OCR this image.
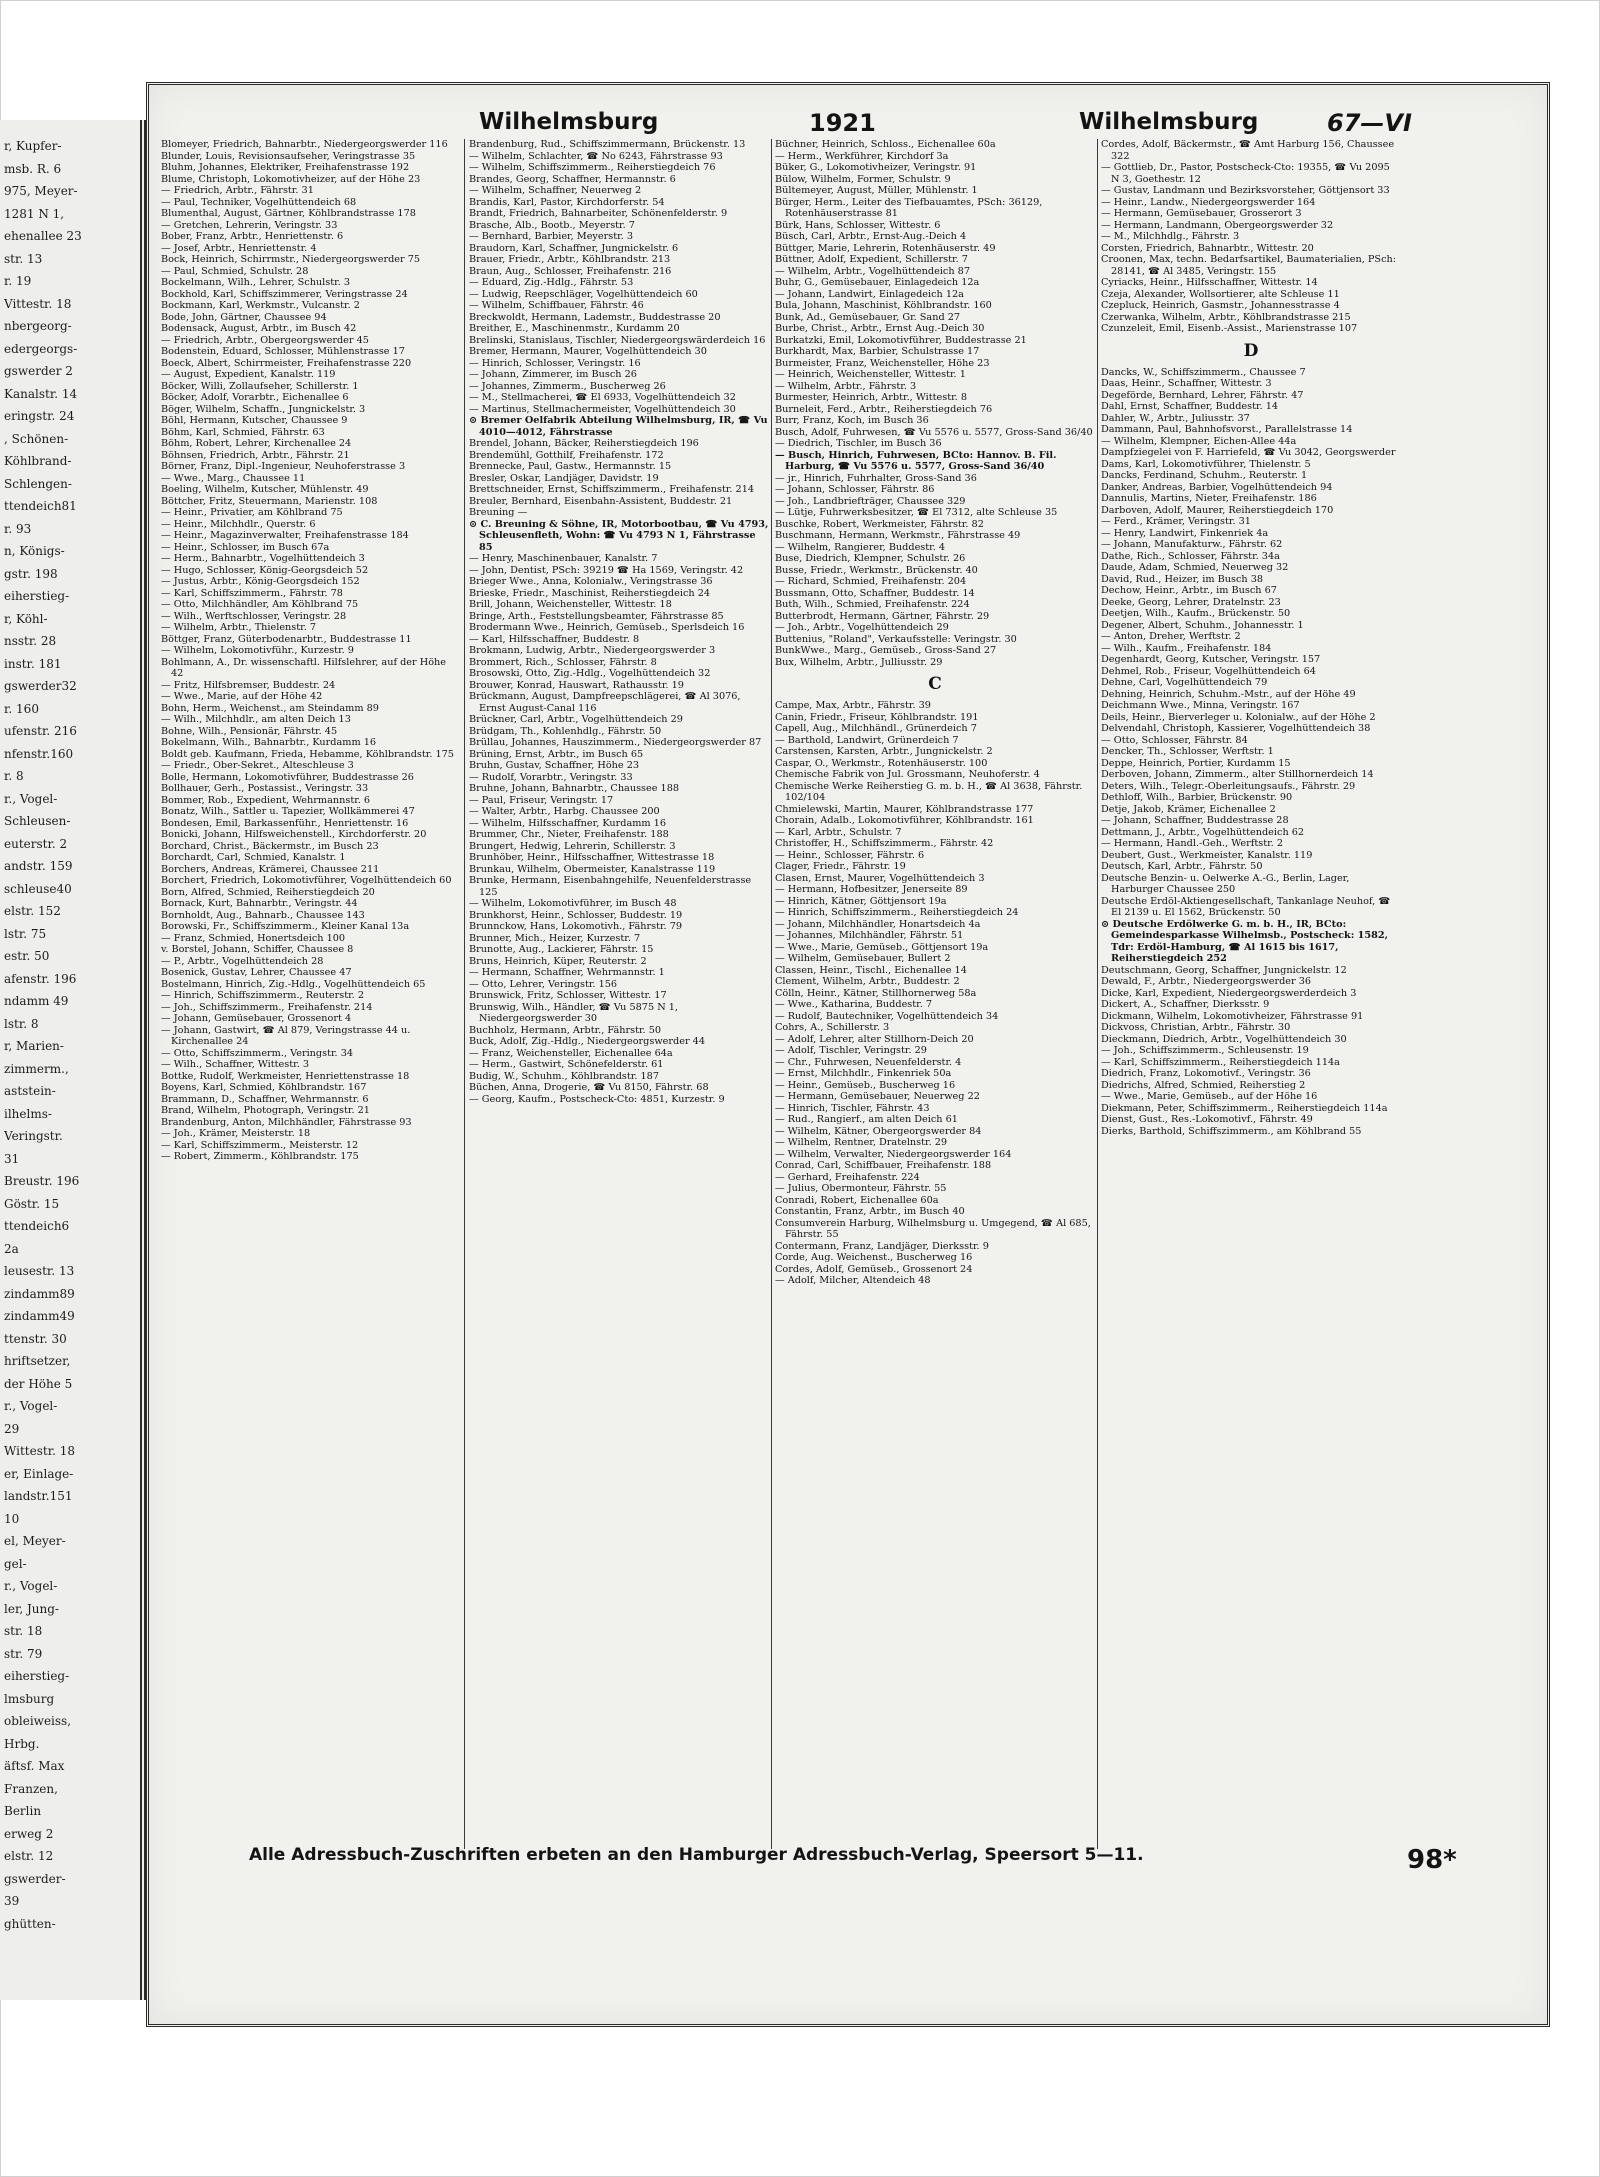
r, Kupfer-
msb. R. 6
975, Meyer-
1281 N 1,
ehenallee 23
str. 13
r. 19
Vittestr. 18
nbergeorg-
edergeorgs-
gswerder 2
Kanalstr. 14
eringstr. 24
, Schönen-
Köhlbrand-
Schlengen-
ttendeich81
r. 93
n, Königs-
gstr. 198
eiherstieg-
r, Köhl-
nsstr. 28
instr. 181
gswerder32
r. 160
ufenstr. 216
nfenstr.160
r. 8
r., Vogel-
Schleusen-
euterstr. 2
andstr. 159
schleuse40
elstr. 152
lstr. 75
estr. 50
afenstr. 196
ndamm 49
lstr. 8
r, Marien-
zimmerm.,
aststein-
ilhelms-
Veringstr.
31
Breustr. 196
Göstr. 15
ttendeich6
2a
leusestr. 13
zindamm89
zindamm49
ttenstr. 30
hriftsetzer,
der Höhe 5
r., Vogel-
29
Wittestr. 18
er, Einlage-
landstr.151
10
el, Meyer-
gel-
r., Vogel-
ler, Jung-
str. 18
str. 79
eiherstieg-
lmsburg
obleiweiss,
Hrbg.
äftsf. Max
Franzen,
Berlin
erweg 2
elstr. 12
gswerder-
39
ghütten-
Wilhelmsburg	1921	Wilhelmsburg	67—VI

Blomeyer, Friedrich, Bahnarbtr., Niedergeorgswerder 116

Blunder, Louis, Revisionsaufseher, Veringstrasse 35

Bluhm, Johannes, Elektriker, Freihafenstrasse 192

Blume, Christoph, Lokomotivheizer, auf der Höhe 23

— Friedrich, Arbtr., Fährstr. 31

— Paul, Techniker, Vogelhüttendeich 68

Blumenthal, August, Gärtner, Köhlbrandstrasse 178

— Gretchen, Lehrerin, Veringstr. 33

Bober, Franz, Arbtr., Henriettenstr. 6

— Josef, Arbtr., Henriettenstr. 4

Bock, Heinrich, Schirrmstr., Niedergeorgswerder 75

— Paul, Schmied, Schulstr. 28

Bockelmann, Wilh., Lehrer, Schulstr. 3

Bockhold, Karl, Schiffszimmerer, Veringstrasse 24

Bockmann, Karl, Werkmstr., Vulcanstr. 2

Bode, John, Gärtner, Chaussee 94

Bodensack, August, Arbtr., im Busch 42

— Friedrich, Arbtr., Obergeorgswerder 45

Bodenstein, Eduard, Schlosser, Mühlenstrasse 17

Boeck, Albert, Schirrmeister, Freihafenstrasse 220

— August, Expedient, Kanalstr. 119

Böcker, Willi, Zollaufseher, Schillerstr. 1

Böcker, Adolf, Vorarbtr., Eichenallee 6

Böger, Wilhelm, Schaffn., Jungnickelstr. 3

Böhl, Hermann, Kutscher, Chaussee 9

Böhm, Karl, Schmied, Fährstr. 63

Böhm, Robert, Lehrer, Kirchenallee 24

Böhnsen, Friedrich, Arbtr., Fährstr. 21

Börner, Franz, Dipl.-Ingenieur, Neuhoferstrasse 3

— Wwe., Marg., Chaussee 11

Boeling, Wilhelm, Kutscher, Mühlenstr. 49

Böttcher, Fritz, Steuermann, Marienstr. 108

— Heinr., Privatier, am Köhlbrand 75

— Heinr., Milchhdlr., Querstr. 6

— Heinr., Magazinverwalter, Freihafenstrasse 184

— Heinr., Schlosser, im Busch 67a

— Herm., Bahnarbtr., Vogelhüttendeich 3

— Hugo, Schlosser, König-Georgsdeich 52

— Justus, Arbtr., König-Georgsdeich 152

— Karl, Schiffszimmerm., Fährstr. 78

— Otto, Milchhändler, Am Köhlbrand 75

— Wilh., Werftschlosser, Veringstr. 28

— Wilhelm, Arbtr., Thielenstr. 7

Böttger, Franz, Güterbodenarbtr., Buddestrasse 11

— Wilhelm, Lokomotivführ., Kurzestr. 9

Bohlmann, A., Dr. wissenschaftl. Hilfslehrer, auf der Höhe 42

— Fritz, Hilfsbremser, Buddestr. 24

— Wwe., Marie, auf der Höhe 42

Bohn, Herm., Weichenst., am Steindamm 89

— Wilh., Milchhdlr., am alten Deich 13

Bohne, Wilh., Pensionär, Fährstr. 45

Bokelmann, Wilh., Bahnarbtr., Kurdamm 16

Boldt geb. Kaufmann, Frieda, Hebamme, Köhlbrandstr. 175

— Friedr., Ober-Sekret., Alteschleuse 3

Bolle, Hermann, Lokomotivführer, Buddestrasse 26

Bollhauer, Gerh., Postassist., Veringstr. 33

Bommer, Rob., Expedient, Wehrmannstr. 6

Bonatz, Wilh., Sattler u. Tapezier, Wollkämmerei 47

Bondesen, Emil, Barkassenführ., Henriettenstr. 16

Bonicki, Johann, Hilfsweichenstell., Kirchdorferstr. 20

Borchard, Christ., Bäckermstr., im Busch 23

Borchardt, Carl, Schmied, Kanalstr. 1

Borchers, Andreas, Krämerei, Chaussee 211

Borchert, Friedrich, Lokomotivführer, Vogelhüttendeich 60

Born, Alfred, Schmied, Reiherstiegdeich 20

Bornack, Kurt, Bahnarbtr., Veringstr. 44

Bornholdt, Aug., Bahnarb., Chaussee 143

Borowski, Fr., Schiffszimmerm., Kleiner Kanal 13a

— Franz, Schmied, Honertsdeich 100

v. Borstel, Johann, Schiffer, Chaussee 8

— P., Arbtr., Vogelhüttendeich 28

Bosenick, Gustav, Lehrer, Chaussee 47

Bostelmann, Hinrich, Zig.-Hdlg., Vogelhüttendeich 65

— Hinrich, Schiffszimmerm., Reuterstr. 2

— Joh., Schiffszimmerm., Freihafenstr. 214

— Johann, Gemüsebauer, Grossenort 4

— Johann, Gastwirt, ☎ Al 879, Veringstrasse 44 u. Kirchenallee 24

— Otto, Schiffszimmerm., Veringstr. 34

— Wilh., Schaffner, Wittestr. 3

Bottke, Rudolf, Werkmeister, Henriettenstrasse 18

Boyens, Karl, Schmied, Köhlbrandstr. 167

Brammann, D., Schaffner, Wehrmannstr. 6

Brand, Wilhelm, Photograph, Veringstr. 21

Brandenburg, Anton, Milchhändler, Fährstrasse 93

— Joh., Krämer, Meisterstr. 18

— Karl, Schiffszimmerm., Meisterstr. 12

— Robert, Zimmerm., Köhlbrandstr. 175

Brandenburg, Rud., Schiffszimmermann, Brückenstr. 13

— Wilhelm, Schlachter, ☎ No 6243, Fährstrasse 93

— Wilhelm, Schiffszimmerm., Reiherstiegdeich 76

Brandes, Georg, Schaffner, Hermannstr. 6

— Wilhelm, Schaffner, Neuerweg 2

Brandis, Karl, Pastor, Kirchdorferstr. 54

Brandt, Friedrich, Bahnarbeiter, Schönenfelderstr. 9

Brasche, Alb., Bootb., Meyerstr. 7

— Bernhard, Barbier, Meyerstr. 3

Braudorn, Karl, Schaffner, Jungnickelstr. 6

Brauer, Friedr., Arbtr., Köhlbrandstr. 213

Braun, Aug., Schlosser, Freihafenstr. 216

— Eduard, Zig.-Hdlg., Fährstr. 53

— Ludwig, Reepschläger, Vogelhüttendeich 60

— Wilhelm, Schiffbauer, Fährstr. 46

Breckwoldt, Hermann, Lademstr., Buddestrasse 20

Breither, E., Maschinenmstr., Kurdamm 20

Brelinski, Stanislaus, Tischler, Niedergeorgswärderdeich 16

Bremer, Hermann, Maurer, Vogelhüttendeich 30

— Hinrich, Schlosser, Veringstr. 16

— Johann, Zimmerer, im Busch 26

— Johannes, Zimmerm., Buscherweg 26

— M., Stellmacherei, ☎ El 6933, Vogelhüttendeich 32

— Martinus, Stellmachermeister, Vogelhüttendeich 30

⊙ Bremer Oelfabrik Abteilung Wilhelmsburg, IR, ☎ Vu 4010—4012, Fährstrasse

Brendel, Johann, Bäcker, Reiherstiegdeich 196

Brendemühl, Gotthilf, Freihafenstr. 172

Brennecke, Paul, Gastw., Hermannstr. 15

Bresler, Oskar, Landjäger, Davidstr. 19

Brettschneider, Ernst, Schiffszimmerm., Freihafenstr. 214

Breuler, Bernhard, Eisenbahn-Assistent, Buddestr. 21

Breuning —

⊙ C. Breuning & Söhne, IR, Motorbootbau, ☎ Vu 4793, Schleusenfleth, Wohn: ☎ Vu 4793 N 1, Fährstrasse 85

— Henry, Maschinenbauer, Kanalstr. 7

— John, Dentist, PSch: 39219 ☎ Ha 1569, Veringstr. 42

Brieger Wwe., Anna, Kolonialw., Veringstrasse 36

Brieske, Friedr., Maschinist, Reiherstiegdeich 24

Brill, Johann, Weichensteller, Wittestr. 18

Bringe, Arth., Feststellungsbeamter, Fährstrasse 85

Brodermann Wwe., Heinrich, Gemüseb., Sperlsdeich 16

— Karl, Hilfsschaffner, Buddestr. 8

Brokmann, Ludwig, Arbtr., Niedergeorgswerder 3

Brommert, Rich., Schlosser, Fährstr. 8

Brosowski, Otto, Zig.-Hdlg., Vogelhüttendeich 32

Brouwer, Konrad, Hauswart, Rathausstr. 19

Brückmann, August, Dampfreepschlägerei, ☎ Al 3076, Ernst August-Canal 116

Brückner, Carl, Arbtr., Vogelhüttendeich 29

Brüdgam, Th., Kohlenhdlg., Fährstr. 50

Brüllau, Johannes, Hauszimmerm., Niedergeorgswerder 87

Brüning, Ernst, Arbtr., im Busch 65

Bruhn, Gustav, Schaffner, Höhe 23

— Rudolf, Vorarbtr., Veringstr. 33

Bruhne, Johann, Bahnarbtr., Chaussee 188

— Paul, Friseur, Veringstr. 17

— Walter, Arbtr., Harbg. Chaussee 200

— Wilhelm, Hilfsschaffner, Kurdamm 16

Brummer, Chr., Nieter, Freihafenstr. 188

Brungert, Hedwig, Lehrerin, Schillerstr. 3

Brunhöber, Heinr., Hilfsschaffner, Wittestrasse 18

Brunkau, Wilhelm, Obermeister, Kanalstrasse 119

Brunke, Hermann, Eisenbahngehilfe, Neuenfelderstrasse 125

— Wilhelm, Lokomotivführer, im Busch 48

Brunkhorst, Heinr., Schlosser, Buddestr. 19

Brunnckow, Hans, Lokomotivh., Fährstr. 79

Brunner, Mich., Heizer, Kurzestr. 7

Brunotte, Aug., Lackierer, Fährstr. 15

Bruns, Heinrich, Küper, Reuterstr. 2

— Hermann, Schaffner, Wehrmannstr. 1

— Otto, Lehrer, Veringstr. 156

Brunswick, Fritz, Schlosser, Wittestr. 17

Brunswig, Wilh., Händler, ☎ Vu 5875 N 1, Niedergeorgswerder 30

Buchholz, Hermann, Arbtr., Fährstr. 50

Buck, Adolf, Zig.-Hdlg., Niedergeorgswerder 44

— Franz, Weichensteller, Eichenallee 64a

— Herm., Gastwirt, Schönefelderstr. 61

Budig, W., Schuhm., Köhlbrandstr. 187

Büchen, Anna, Drogerie, ☎ Vu 8150, Fährstr. 68

— Georg, Kaufm., Postscheck-Cto: 4851, Kurzestr. 9

Büchner, Heinrich, Schloss., Eichenallee 60a

— Herm., Werkführer, Kirchdorf 3a

Büker, G., Lokomotivheizer, Veringstr. 91

Bülow, Wilhelm, Former, Schulstr. 9

Bültemeyer, August, Müller, Mühlenstr. 1

Bürger, Herm., Leiter des Tiefbauamtes, PSch: 36129, Rotenhäuserstrasse 81

Bürk, Hans, Schlosser, Wittestr. 6

Büsch, Carl, Arbtr., Ernst-Aug.-Deich 4

Büttger, Marie, Lehrerin, Rotenhäuserstr. 49

Büttner, Adolf, Expedient, Schillerstr. 7

— Wilhelm, Arbtr., Vogelhüttendeich 87

Buhr, G., Gemüsebauer, Einlagedeich 12a

— Johann, Landwirt, Einlagedeich 12a

Bula, Johann, Maschinist, Köhlbrandstr. 160

Bunk, Ad., Gemüsebauer, Gr. Sand 27

Burbe, Christ., Arbtr., Ernst Aug.-Deich 30

Burkatzki, Emil, Lokomotivführer, Buddestrasse 21

Burkhardt, Max, Barbier, Schulstrasse 17

Burmeister, Franz, Weichensteller, Höhe 23

— Heinrich, Weichensteller, Wittestr. 1

— Wilhelm, Arbtr., Fährstr. 3

Burmester, Heinrich, Arbtr., Wittestr. 8

Burneleit, Ferd., Arbtr., Reiherstiegdeich 76

Burr, Franz, Koch, im Busch 36

Busch, Adolf, Fuhrwesen, ☎ Vu 5576 u. 5577, Gross-Sand 36/40

— Diedrich, Tischler, im Busch 36

— Busch, Hinrich, Fuhrwesen, BCto: Hannov. B. Fil. Harburg, ☎ Vu 5576 u. 5577, Gross-Sand 36/40

— jr., Hinrich, Fuhrhalter, Gross-Sand 36

— Johann, Schlosser, Fährstr. 86

— Joh., Landbriefträger, Chaussee 329

— Lütje, Fuhrwerksbesitzer, ☎ El 7312, alte Schleuse 35

Buschke, Robert, Werkmeister, Fährstr. 82

Buschmann, Hermann, Werkmstr., Fährstrasse 49

— Wilhelm, Rangierer, Buddestr. 4

Buse, Diedrich, Klempner, Schulstr. 26

Busse, Friedr., Werkmstr., Brückenstr. 40

— Richard, Schmied, Freihafenstr. 204

Bussmann, Otto, Schaffner, Buddestr. 14

Buth, Wilh., Schmied, Freihafenstr. 224

Butterbrodt, Hermann, Gärtner, Fährstr. 29

— Joh., Arbtr., Vogelhüttendeich 29

Buttenius, "Roland", Verkaufsstelle: Veringstr. 30

BunkWwe., Marg., Gemüseb., Gross-Sand 27

Bux, Wilhelm, Arbtr., Julliusstr. 29

C

Campe, Max, Arbtr., Fährstr. 39

Canin, Friedr., Friseur, Köhlbrandstr. 191

Capell, Aug., Milchhändl., Grünerdeich 7

— Barthold, Landwirt, Grünerdeich 7

Carstensen, Karsten, Arbtr., Jungnickelstr. 2

Caspar, O., Werkmstr., Rotenhäuserstr. 100

Chemische Fabrik von Jul. Grossmann, Neuhoferstr. 4

Chemische Werke Reiherstieg G. m. b. H., ☎ Al 3638, Fährstr. 102/104

Chmielewski, Martin, Maurer, Köhlbrandstrasse 177

Chorain, Adalb., Lokomotivführer, Köhlbrandstr. 161

— Karl, Arbtr., Schulstr. 7

Christoffer, H., Schiffszimmerm., Fährstr. 42

— Heinr., Schlosser, Fährstr. 6

Clager, Friedr., Fährstr. 19

Clasen, Ernst, Maurer, Vogelhüttendeich 3

— Hermann, Hofbesitzer, Jenerseite 89

— Hinrich, Kätner, Göttjensort 19a

— Hinrich, Schiffszimmerm., Reiherstiegdeich 24

— Johann, Milchhändler, Honartsdeich 4a

— Johannes, Milchhändler, Fährstr. 51

— Wwe., Marie, Gemüseb., Göttjensort 19a

— Wilhelm, Gemüsebauer, Bullert 2

Classen, Heinr., Tischl., Eichenallee 14

Clement, Wilhelm, Arbtr., Buddestr. 2

Cölln, Heinr., Kätner, Stillhornerweg 58a

— Wwe., Katharina, Buddestr. 7

— Rudolf, Bautechniker, Vogelhüttendeich 34

Cohrs, A., Schillerstr. 3

— Adolf, Lehrer, alter Stillhorn-Deich 20

— Adolf, Tischler, Veringstr. 29

— Chr., Fuhrwesen, Neuenfelderstr. 4

— Ernst, Milchhdlr., Finkenriek 50a

— Heinr., Gemüseb., Buscherweg 16

— Hermann, Gemüsebauer, Neuerweg 22

— Hinrich, Tischler, Fährstr. 43

— Rud., Rangierf., am alten Deich 61

— Wilhelm, Kätner, Obergeorgswerder 84

— Wilhelm, Rentner, Dratelnstr. 29

— Wilhelm, Verwalter, Niedergeorgswerder 164

Conrad, Carl, Schiffbauer, Freihafenstr. 188

— Gerhard, Freihafenstr. 224

— Julius, Obermonteur, Fährstr. 55

Conradi, Robert, Eichenallee 60a

Constantin, Franz, Arbtr., im Busch 40

Consumverein Harburg, Wilhelmsburg u. Umgegend, ☎ Al 685, Fährstr. 55

Contermann, Franz, Landjäger, Dierksstr. 9

Corde, Aug. Weichenst., Buscherweg 16

Cordes, Adolf, Gemüseb., Grossenort 24

— Adolf, Milcher, Altendeich 48

Cordes, Adolf, Bäckermstr., ☎ Amt Harburg 156, Chaussee 322

— Gottlieb, Dr., Pastor, Postscheck-Cto: 19355, ☎ Vu 2095 N 3, Goethestr. 12

— Gustav, Landmann und Bezirksvorsteher, Göttjensort 33

— Heinr., Landw., Niedergeorgswerder 164

— Hermann, Gemüsebauer, Grosserort 3

— Hermann, Landmann, Obergeorgswerder 32

— M., Milchhdlg., Fährstr. 3

Corsten, Friedrich, Bahnarbtr., Wittestr. 20

Croonen, Max, techn. Bedarfsartikel, Baumaterialien, PSch: 28141, ☎ Al 3485, Veringstr. 155

Cyriacks, Heinr., Hilfsschaffner, Wittestr. 14

Czeja, Alexander, Wollsortierer, alte Schleuse 11

Czepluck, Heinrich, Gasmstr., Johannesstrasse 4

Czerwanka, Wilhelm, Arbtr., Köhlbrandstrasse 215

Czunzeleit, Emil, Eisenb.-Assist., Marienstrasse 107

D

Dancks, W., Schiffszimmerm., Chaussee 7

Daas, Heinr., Schaffner, Wittestr. 3

Degeförde, Bernhard, Lehrer, Fährstr. 47

Dahl, Ernst, Schaffner, Buddestr. 14

Dahler, W., Arbtr., Juliusstr. 37

Dammann, Paul, Bahnhofsvorst., Parallelstrasse 14

— Wilhelm, Klempner, Eichen-Allee 44a

Dampfziegelei von F. Harriefeld, ☎ Vu 3042, Georgswerder

Dams, Karl, Lokomotivführer, Thielenstr. 5

Dancks, Ferdinand, Schuhm., Reuterstr. 1

Danker, Andreas, Barbier, Vogelhüttendeich 94

Dannulis, Martins, Nieter, Freihafenstr. 186

Darboven, Adolf, Maurer, Reiherstiegdeich 170

— Ferd., Krämer, Veringstr. 31

— Henry, Landwirt, Finkenriek 4a

— Johann, Manufakturw., Fährstr. 62

Dathe, Rich., Schlosser, Fährstr. 34a

Daude, Adam, Schmied, Neuerweg 32

David, Rud., Heizer, im Busch 38

Dechow, Heinr., Arbtr., im Busch 67

Deeke, Georg, Lehrer, Dratelnstr. 23

Deetjen, Wilh., Kaufm., Brückenstr. 50

Degener, Albert, Schuhm., Johannesstr. 1

— Anton, Dreher, Werftstr. 2

— Wilh., Kaufm., Freihafenstr. 184

Degenhardt, Georg, Kutscher, Veringstr. 157

Dehmel, Rob., Friseur, Vogelhüttendeich 64

Dehne, Carl, Vogelhüttendeich 79

Dehning, Heinrich, Schuhm.-Mstr., auf der Höhe 49

Deichmann Wwe., Minna, Veringstr. 167

Deils, Heinr., Bierverleger u. Kolonialw., auf der Höhe 2

Delvendahl, Christoph, Kassierer, Vogelhüttendeich 38

— Otto, Schlosser, Fährstr. 84

Dencker, Th., Schlosser, Werftstr. 1

Deppe, Heinrich, Portier, Kurdamm 15

Derboven, Johann, Zimmerm., alter Stillhornerdeich 14

Deters, Wilh., Telegr.-Oberleitungsaufs., Fährstr. 29

Dethloff, Wilh., Barbier, Brückenstr. 90

Detje, Jakob, Krämer, Eichenallee 2

— Johann, Schaffner, Buddestrasse 28

Dettmann, J., Arbtr., Vogelhüttendeich 62

— Hermann, Handl.-Geh., Werftstr. 2

Deubert, Gust., Werkmeister, Kanalstr. 119

Deutsch, Karl, Arbtr., Fährstr. 50

Deutsche Benzin- u. Oelwerke A.-G., Berlin, Lager, Harburger Chaussee 250

Deutsche Erdöl-Aktiengesellschaft, Tankanlage Neuhof, ☎ El 2139 u. El 1562, Brückenstr. 50

⊙ Deutsche Erdölwerke G. m. b. H., IR, BCto: Gemeindesparkasse Wilhelmsb., Postscheck: 1582, Tdr: Erdöl-Hamburg, ☎ Al 1615 bis 1617, Reiherstiegdeich 252

Deutschmann, Georg, Schaffner, Jungnickelstr. 12

Dewald, F., Arbtr., Niedergeorgswerder 36

Dicke, Karl, Expedient, Niedergeorgswerderdeich 3

Dickert, A., Schaffner, Dierksstr. 9

Dickmann, Wilhelm, Lokomotivheizer, Fährstrasse 91

Dickvoss, Christian, Arbtr., Fährstr. 30

Dieckmann, Diedrich, Arbtr., Vogelhüttendeich 30

— Joh., Schiffszimmerm., Schleusenstr. 19

— Karl, Schiffszimmerm., Reiherstiegdeich 114a

Diedrich, Franz, Lokomotivf., Veringstr. 36

Diedrichs, Alfred, Schmied, Reiherstieg 2

— Wwe., Marie, Gemüseb., auf der Höhe 16

Diekmann, Peter, Schiffszimmerm., Reiherstiegdeich 114a

Dienst, Gust., Res.-Lokomotivf., Fährstr. 49

Dierks, Barthold, Schiffszimmerm., am Köhlbrand 55

Alle Adressbuch-Zuschriften erbeten an den Hamburger Adressbuch-Verlag, Speersort 5—11.	98*
